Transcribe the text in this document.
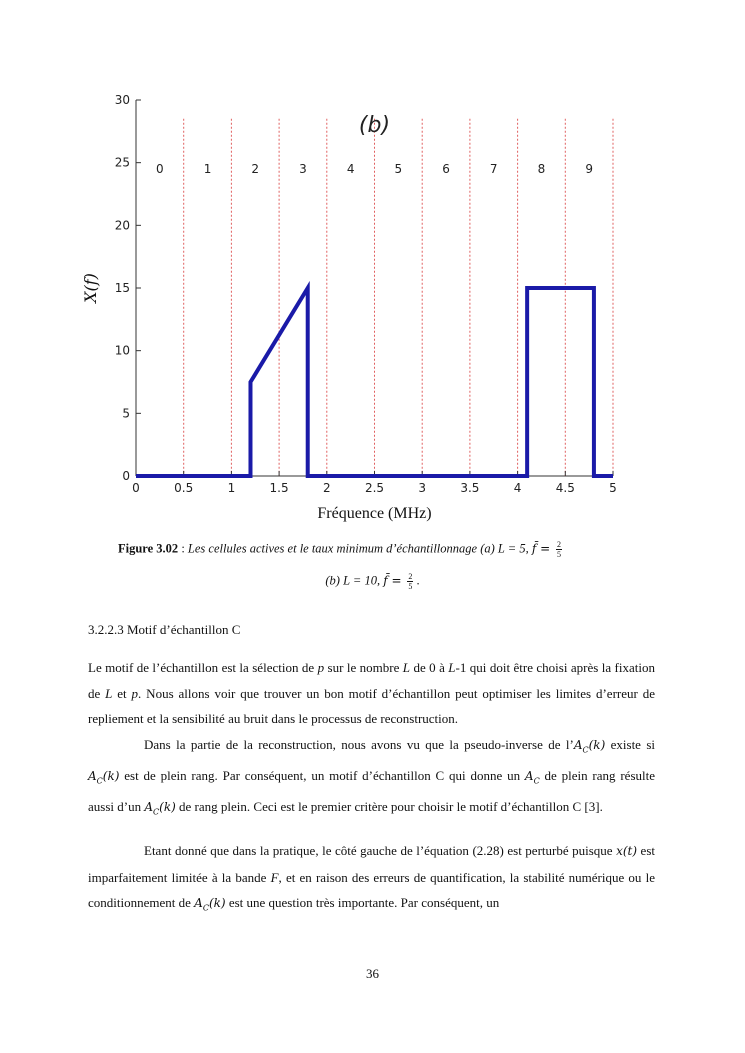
0	0.5	1	1.5	2	2.5	3	3.5	4	4.5	5
0
5
10
15
20
25
30
0	1	2	3	4	5	6	7	8	9
(b)
X(f)
Fréquence (MHz)
Figure 3.02 : Les cellules actives et le taux minimum d’échantillonnage (a) L = 5, f̄ = $\frac{2}{5}$
(b) L = 10, f̄ = $\frac{2}{5}$ .
3.2.2.3 Motif d’échantillon C
Le motif de l’échantillon est la sélection de p sur le nombre L de 0 à L-1 qui doit être choisi après la fixation de L et p. Nous allons voir que trouver un bon motif d’échantillon peut optimiser les limites d’erreur de repliement et la sensibilité au bruit dans le processus de reconstruction.
Dans la partie de la reconstruction, nous avons vu que la pseudo-inverse de $l’A_C(k)$ existe si $A_C(k)$ est de plein rang. Par conséquent, un motif d’échantillon C qui donne un $A_C$ de plein rang résulte aussi d’un $A_C(k)$ de rang plein. Ceci est le premier critère pour choisir le motif d’échantillon C [3].
Etant donné que dans la pratique, le côté gauche de l’équation (2.28) est perturbé puisque x(t) est imparfaitement limitée à la bande F, et en raison des erreurs de quantification, la stabilité numérique ou le conditionnement de $A_C(k)$ est une question très importante. Par conséquent, un
36
